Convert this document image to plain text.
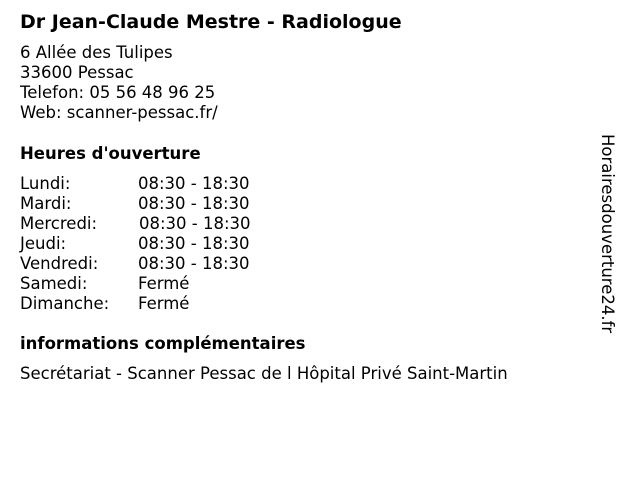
Dr Jean-Claude Mestre - Radiologue
6 Allée des Tulipes
33600 Pessac
Telefon: 05 56 48 96 25
Web: scanner-pessac.fr/
Heures d'ouverture
Lundi:	08:30 - 18:30
Mardi:	08:30 - 18:30
Mercredi:	08:30 - 18:30
Jeudi:	08:30 - 18:30
Vendredi: 08:30 - 18:30
Samedi:	Fermé
Dimanche: Fermé
informations complémentaires
Secrétariat - Scanner Pessac de l Hôpital Privé Saint-Martin
Horairesdouverture24.fr
